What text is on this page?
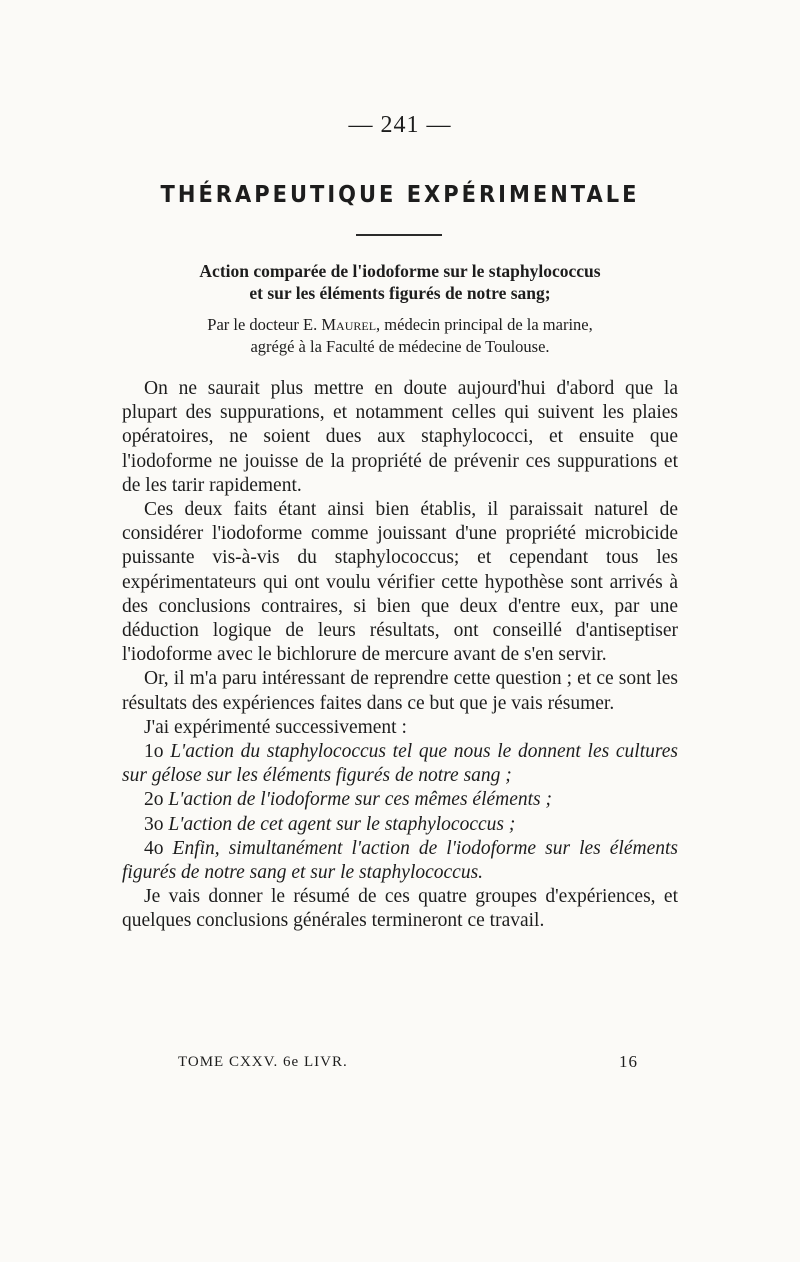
— 241 —
THÉRAPEUTIQUE EXPÉRIMENTALE
Action comparée de l'iodoforme sur le staphylococcus
et sur les éléments figurés de notre sang;
Par le docteur E. Maurel, médecin principal de la marine,
agrégé à la Faculté de médecine de Toulouse.

On ne saurait plus mettre en doute aujourd'hui d'abord que la plupart des suppurations, et notamment celles qui suivent les plaies opératoires, ne soient dues aux staphylococci, et ensuite que l'iodoforme ne jouisse de la propriété de prévenir ces suppurations et de les tarir rapidement.

Ces deux faits étant ainsi bien établis, il paraissait naturel de considérer l'iodoforme comme jouissant d'une propriété microbicide puissante vis-à-vis du staphylococcus; et cependant tous les expérimentateurs qui ont voulu vérifier cette hypothèse sont arrivés à des conclusions contraires, si bien que deux d'entre eux, par une déduction logique de leurs résultats, ont conseillé d'antiseptiser l'iodoforme avec le bichlorure de mercure avant de s'en servir.

Or, il m'a paru intéressant de reprendre cette question ; et ce sont les résultats des expériences faites dans ce but que je vais résumer.

J'ai expérimenté successivement :

1o L'action du staphylococcus tel que nous le donnent les cultures sur gélose sur les éléments figurés de notre sang ;

2o L'action de l'iodoforme sur ces mêmes éléments ;

3o L'action de cet agent sur le staphylococcus ;

4o Enfin, simultanément l'action de l'iodoforme sur les éléments figurés de notre sang et sur le staphylococcus.

Je vais donner le résumé de ces quatre groupes d'expériences, et quelques conclusions générales termineront ce travail.

TOME CXXV. 6e LIVR.	16
